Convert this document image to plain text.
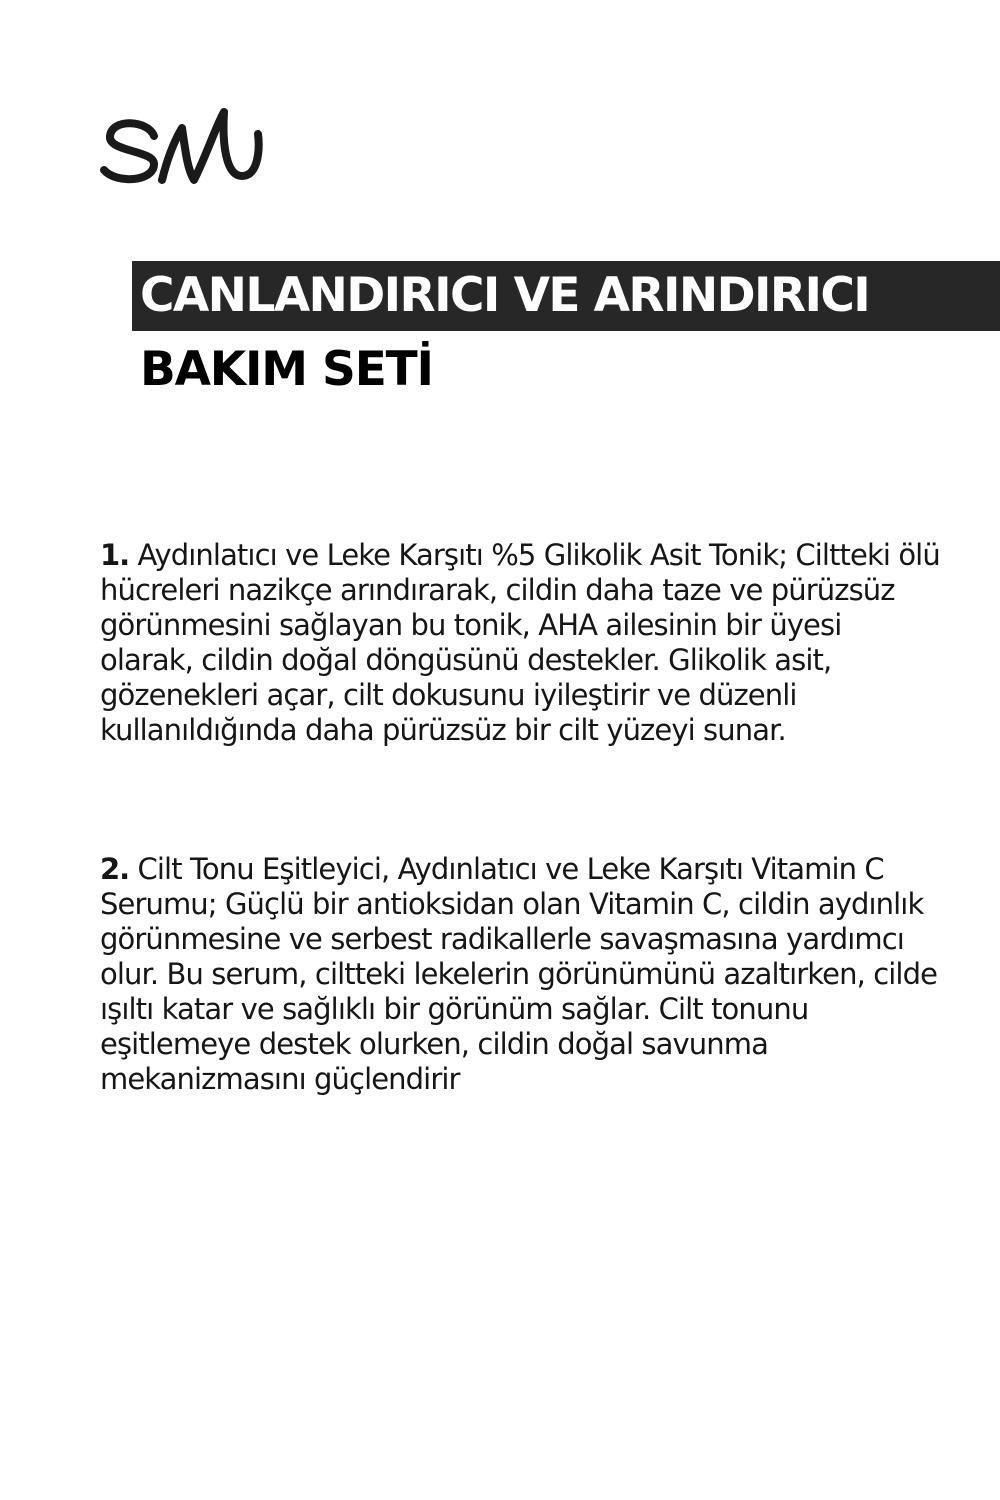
CANLANDIRICI VE ARINDIRICI
BAKIM SETİ

1. Aydınlatıcı ve Leke Karşıtı %5 Glikolik Asit Tonik; Ciltteki ölü hücreleri nazikçe arındırarak, cildin daha taze ve pürüzsüz görünmesini sağlayan bu tonik, AHA ailesinin bir üyesi olarak, cildin doğal döngüsünü destekler. Glikolik asit, gözenekleri açar, cilt dokusunu iyileştirir ve düzenli kullanıldığında daha pürüzsüz bir cilt yüzeyi sunar.

2. Cilt Tonu Eşitleyici, Aydınlatıcı ve Leke Karşıtı Vitamin C Serumu; Güçlü bir antioksidan olan Vitamin C, cildin aydınlık görünmesine ve serbest radikallerle savaşmasına yardımcı olur. Bu serum, ciltteki lekelerin görünümünü azaltırken, cilde ışıltı katar ve sağlıklı bir görünüm sağlar. Cilt tonunu eşitlemeye destek olurken, cildin doğal savunma mekanizmasını güçlendirir
